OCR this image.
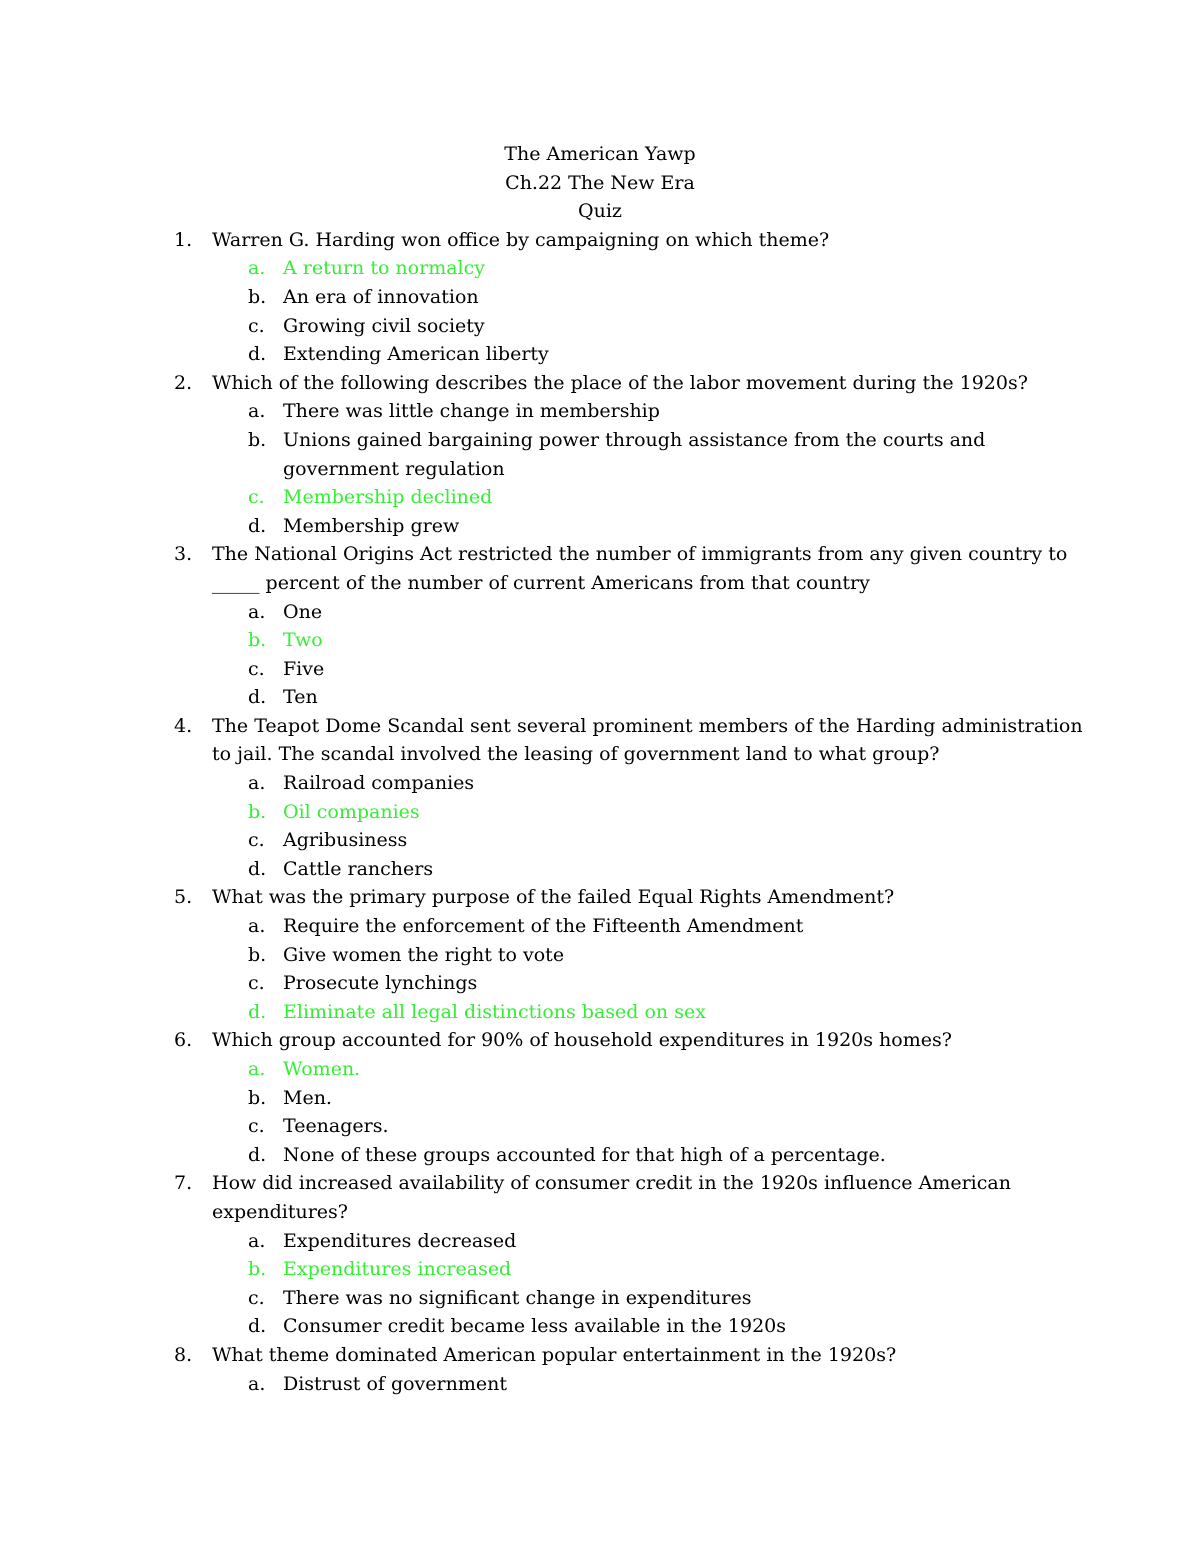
The American Yawp
Ch.22 The New Era
Quiz
1. Warren G. Harding won office by campaigning on which theme?
a. A return to normalcy
b. An era of innovation
c. Growing civil society
d. Extending American liberty
2. Which of the following describes the place of the labor movement during the 1920s?
a. There was little change in membership
b. Unions gained bargaining power through assistance from the courts and
government regulation
c. Membership declined
d. Membership grew
3. The National Origins Act restricted the number of immigrants from any given country to
_____ percent of the number of current Americans from that country
a. One
b. Two
c. Five
d. Ten
4. The Teapot Dome Scandal sent several prominent members of the Harding administration
to jail. The scandal involved the leasing of government land to what group?
a. Railroad companies
b. Oil companies
c. Agribusiness
d. Cattle ranchers
5. What was the primary purpose of the failed Equal Rights Amendment?
a. Require the enforcement of the Fifteenth Amendment
b. Give women the right to vote
c. Prosecute lynchings
d. Eliminate all legal distinctions based on sex
6. Which group accounted for 90% of household expenditures in 1920s homes?
a. Women.
b. Men.
c. Teenagers.
d. None of these groups accounted for that high of a percentage.
7. How did increased availability of consumer credit in the 1920s influence American
expenditures?
a. Expenditures decreased
b. Expenditures increased
c. There was no significant change in expenditures
d. Consumer credit became less available in the 1920s
8. What theme dominated American popular entertainment in the 1920s?
a. Distrust of government
